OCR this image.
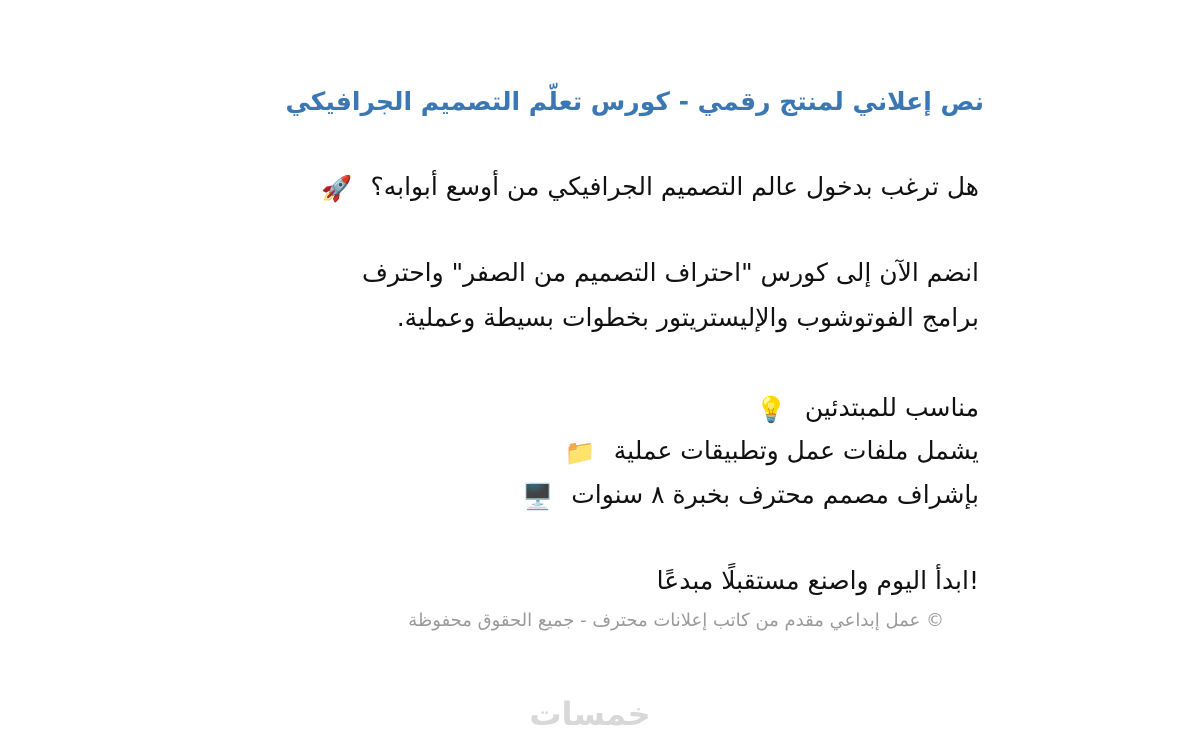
نص إعلاني لمنتج رقمي - كورس تعلّم التصميم الجرافيكي

هل ترغب بدخول عالم التصميم الجرافيكي من أوسع أبوابه؟ 🚀

انضم الآن إلى كورس "احتراف التصميم من الصفر" واحترف

برامج الفوتوشوب والإليستريتور بخطوات بسيطة وعملية.

مناسب للمبتدئين 💡

يشمل ملفات عمل وتطبيقات عملية 📁

بإشراف مصمم محترف بخبرة ٨ سنوات 🖥️

!ابدأ اليوم واصنع مستقبلًا مبدعًا

© عمل إبداعي مقدم من كاتب إعلانات محترف - جميع الحقوق محفوظة

خمسات
